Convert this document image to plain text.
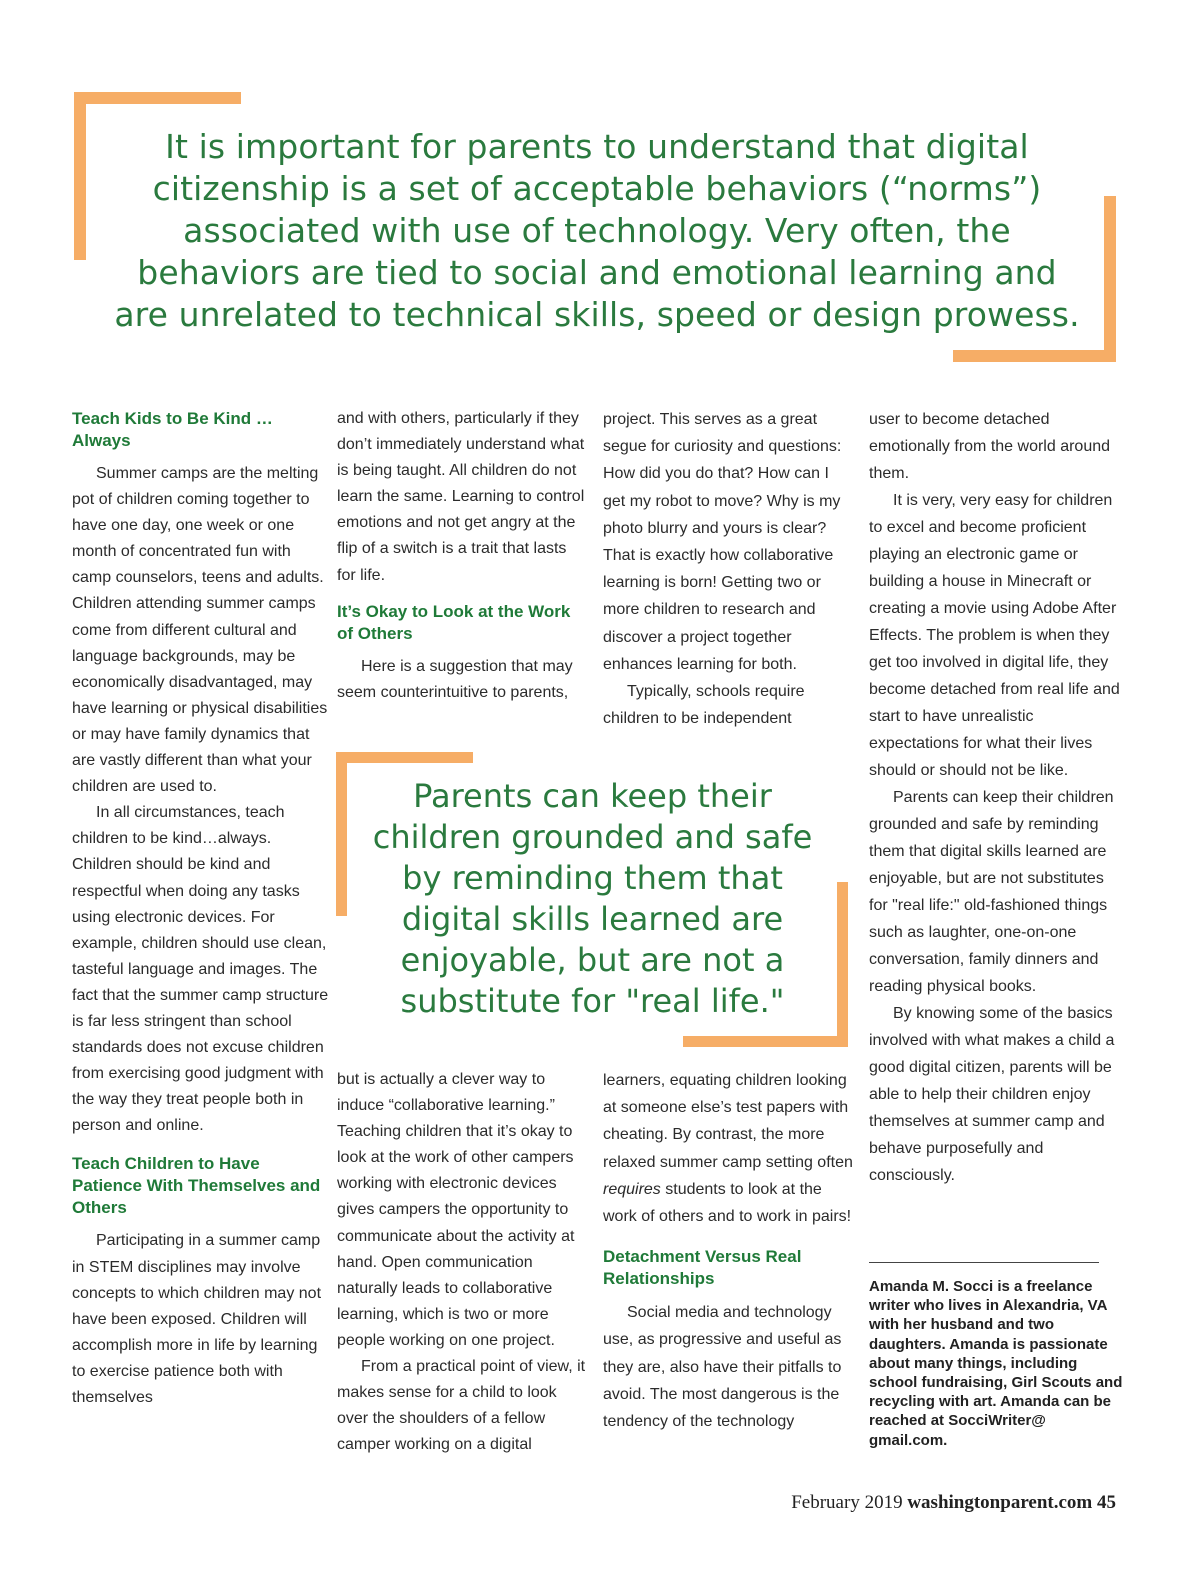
It is important for parents to understand that digital citizenship is a set of acceptable behaviors (“norms”) associated with use of technology. Very often, the behaviors are tied to social and emotional learning and are unrelated to technical skills, speed or design prowess.
Parents can keep their children grounded and safe by reminding them that digital skills learned are enjoyable, but are not a substitute for "real life."

Teach Kids to Be Kind … Always

Summer camps are the melting pot of children coming together to have one day, one week or one month of concentrated fun with camp counselors, teens and adults. Children attending summer camps come from different cultural and language backgrounds, may be economically disadvantaged, may have learning or physical disabilities or may have family dynamics that are vastly different than what your children are used to.

In all circumstances, teach children to be kind…always. Children should be kind and respectful when doing any tasks using electronic devices. For example, children should use clean, tasteful language and images. The fact that the summer camp structure is far less stringent than school standards does not excuse children from exercising good judgment with the way they treat people both in person and online.

Teach Children to Have Patience With Themselves and Others

Participating in a summer camp in STEM disciplines may involve concepts to which children may not have been exposed. Children will accomplish more in life by learning to exercise patience both with themselves

and with others, particularly if they don’t immediately understand what is being taught. All children do not learn the same. Learning to control emotions and not get angry at the flip of a switch is a trait that lasts for life.

It’s Okay to Look at the Work of Others

Here is a suggestion that may seem counterintuitive to parents,

but is actually a clever way to induce “collaborative learning.” Teaching children that it’s okay to look at the work of other campers working with electronic devices gives campers the opportunity to communicate about the activity at hand. Open communication naturally leads to collaborative learning, which is two or more people working on one project.

From a practical point of view, it makes sense for a child to look over the shoulders of a fellow camper working on a digital

project. This serves as a great segue for curiosity and questions: How did you do that? How can I get my robot to move? Why is my photo blurry and yours is clear? That is exactly how collaborative learning is born! Getting two or more children to research and discover a project together enhances learning for both.

Typically, schools require children to be independent

learners, equating children looking at someone else’s test papers with cheating. By contrast, the more relaxed summer camp setting often requires students to look at the work of others and to work in pairs!

Detachment Versus Real Relationships

Social media and technology use, as progressive and useful as they are, also have their pitfalls to avoid. The most dangerous is the tendency of the technology

user to become detached emotionally from the world around them.

It is very, very easy for children to excel and become proficient playing an electronic game or building a house in Minecraft or creating a movie using Adobe After Effects. The problem is when they get too involved in digital life, they become detached from real life and start to have unrealistic expectations for what their lives should or should not be like.

Parents can keep their children grounded and safe by reminding them that digital skills learned are enjoyable, but are not substitutes for "real life:" old-fashioned things such as laughter, one-on-one conversation, family dinners and reading physical books.

By knowing some of the basics involved with what makes a child a good digital citizen, parents will be able to help their children enjoy themselves at summer camp and behave purposefully and consciously.

Amanda M. Socci is a freelance writer who lives in Alexandria, VA with her husband and two daughters. Amanda is passionate about many things, including school fundraising, Girl Scouts and recycling with art. Amanda can be reached at SocciWriter@ gmail.com.
February 2019 washingtonparent.com 45
